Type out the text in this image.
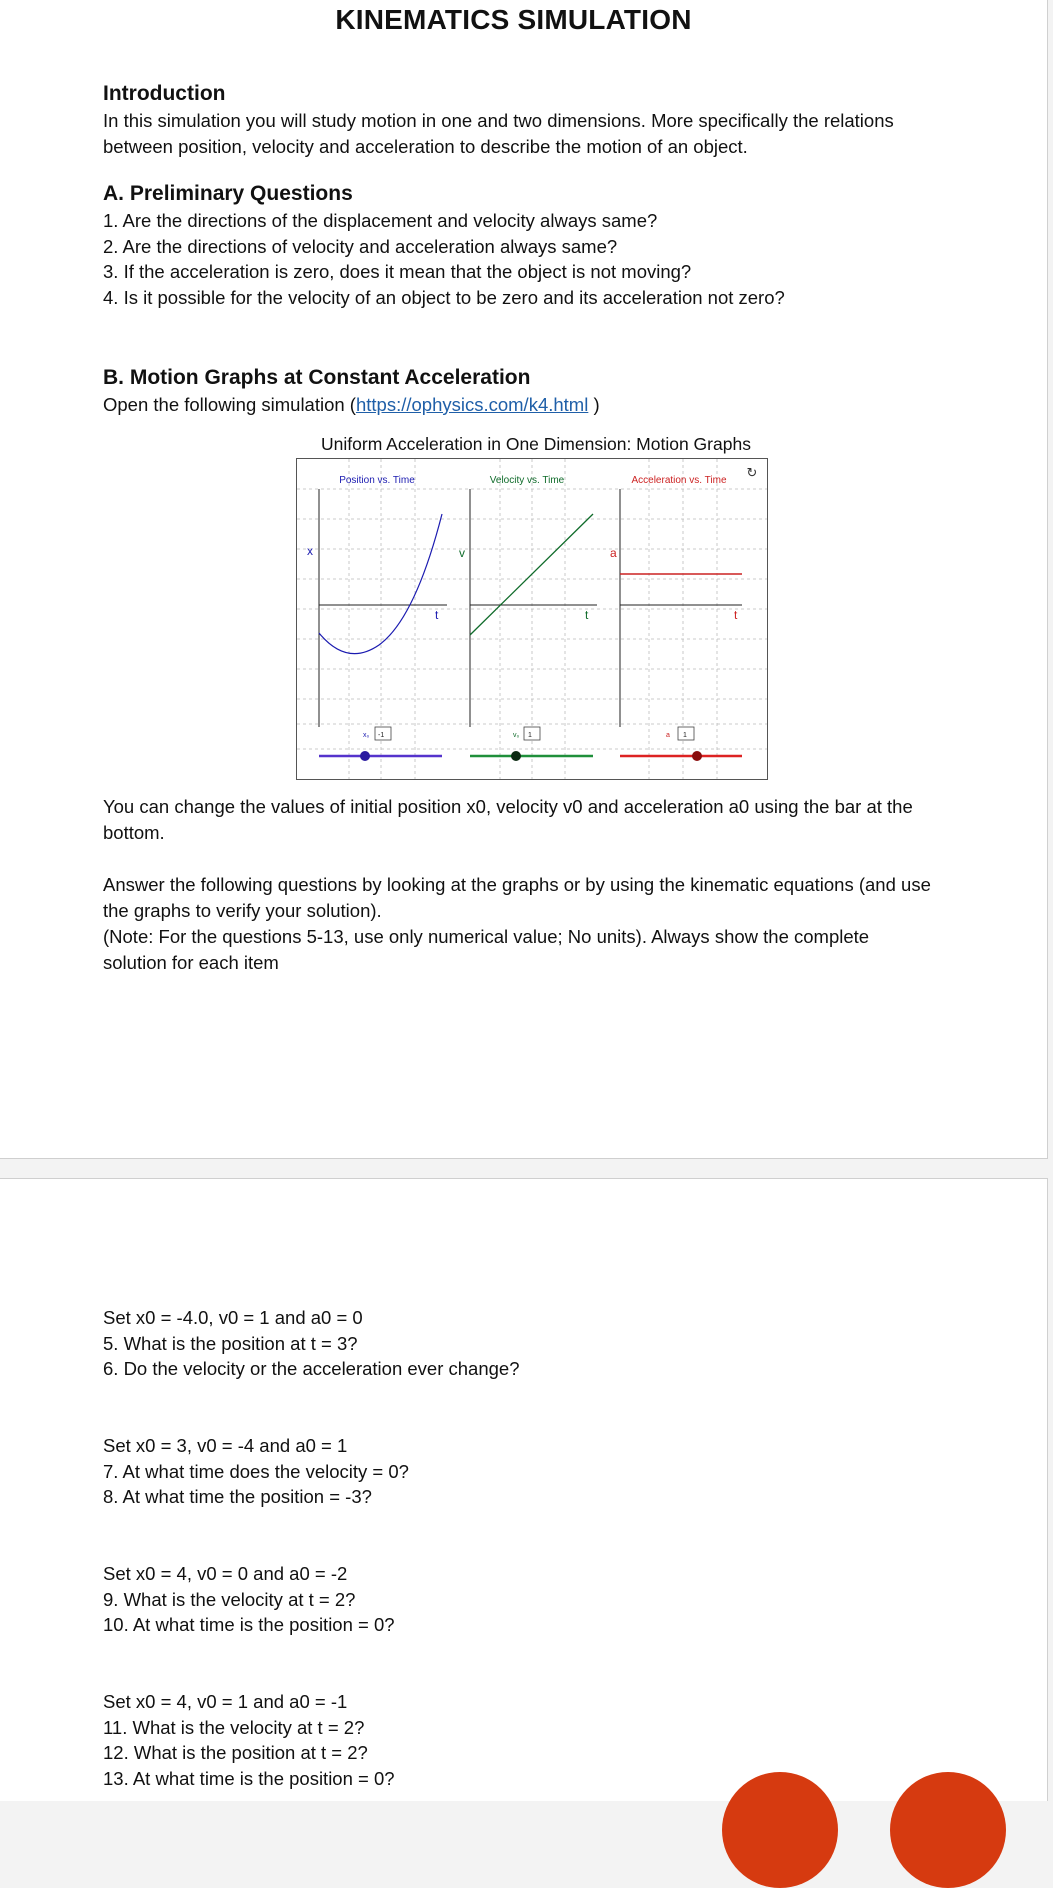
KINEMATICS SIMULATION
Introduction

In this simulation you will study motion in one and two dimensions. More specifically the relations between position, velocity and acceleration to describe the motion of an object.

A. Preliminary Questions

1. Are the directions of the displacement and velocity always same?

2. Are the directions of velocity and acceleration always same?

3. If the acceleration is zero, does it mean that the object is not moving?

4. Is it possible for the velocity of an object to be zero and its acceleration not zero?

B. Motion Graphs at Constant Acceleration

Open the following simulation (https://ophysics.com/k4.html )

Uniform Acceleration in One Dimension: Motion Graphs
Position vs. Time	Velocity vs. Time	Acceleration vs. Time ↻
x	v	a
t	t	t
x₀ -1	v₀ 1	a 1

You can change the values of initial position x0, velocity v0 and acceleration a0 using the bar at the bottom.

Answer the following questions by looking at the graphs or by using the kinematic equations (and use the graphs to verify your solution).

(Note: For the questions 5-13, use only numerical value; No units). Always show the complete solution for each item

Set x0 = -4.0, v0 = 1 and a0 = 0

5. What is the position at t = 3?

6. Do the velocity or the acceleration ever change?

Set x0 = 3, v0 = -4 and a0 = 1

7. At what time does the velocity = 0?

8. At what time the position = -3?

Set x0 = 4, v0 = 0 and a0 = -2

9. What is the velocity at t = 2?

10. At what time is the position = 0?

Set x0 = 4, v0 = 1 and a0 = -1

11. What is the velocity at t = 2?

12. What is the position at t = 2?

13. At what time is the position = 0?
